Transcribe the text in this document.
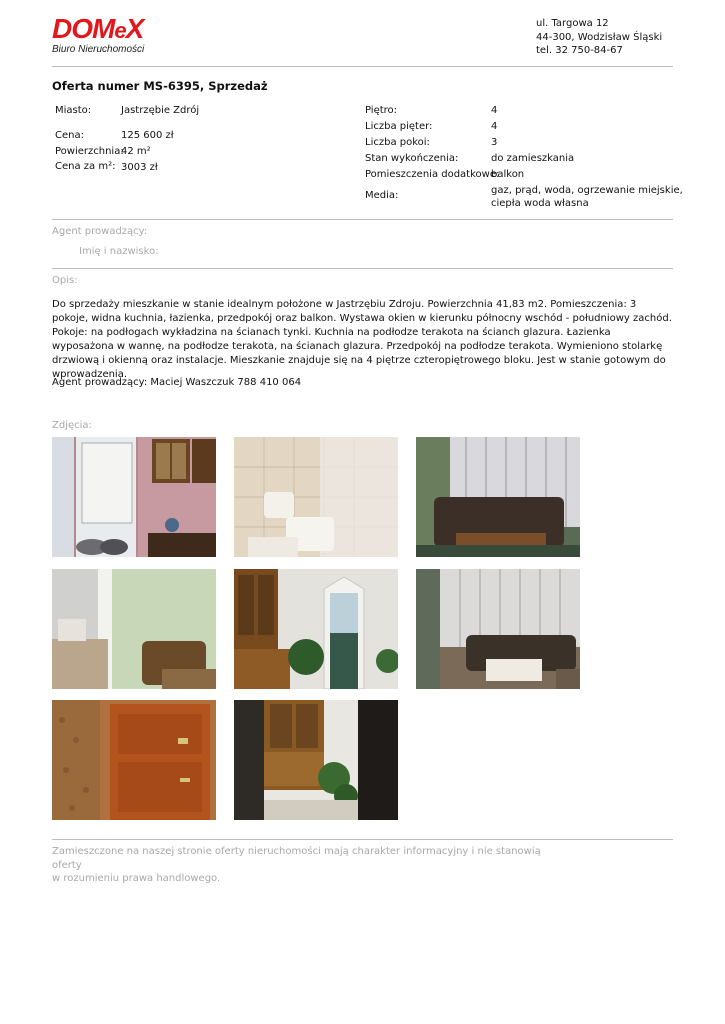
DOMeX
Biuro Nieruchomości
ul. Targowa 12
44-300, Wodzisław Śląski
tel. 32 750-84-67
Oferta numer MS-6395, Sprzedaż
Miasto:	Jastrzębie Zdrój
Cena:	125 600 zł
Powierzchnia:
42 m²
Cena za m²: 3003 zł
Piętro:	4
Liczba pięter:	4
Liczba pokoi:	3
Stan wykończenia:	do zamieszkania
Pomieszczenia dodatkowe:
balkon
Media:	gaz, prąd, woda, ogrzewanie miejskie,
ciepła woda własna
Agent prowadzący:
Imię i nazwisko:
Opis:
Do sprzedaży mieszkanie w stanie idealnym położone w Jastrzębiu Zdroju. Powierzchnia 41,83 m2. Pomieszczenia: 3 pokoje, widna kuchnia, łazienka, przedpokój oraz balkon. Wystawa okien w kierunku północny wschód - południowy zachód. Pokoje: na podłogach wykładzina na ścianach tynki. Kuchnia na podłodze terakota na ścianch glazura. Łazienka wyposażona w wannę, na podłodze terakota, na ścianach glazura. Przedpokój na podłodze terakota. Wymieniono stolarkę drzwiową i okienną oraz instalacje. Mieszkanie znajduje się na 4 piętrze czteropiętrowego bloku. Jest w stanie gotowym do wprowadzenia.
Agent prowadzący: Maciej Waszczuk 788 410 064
Zdjęcia:
Zamieszczone na naszej stronie oferty nieruchomości mają charakter informacyjny i nie stanowią oferty
w rozumieniu prawa handlowego.
